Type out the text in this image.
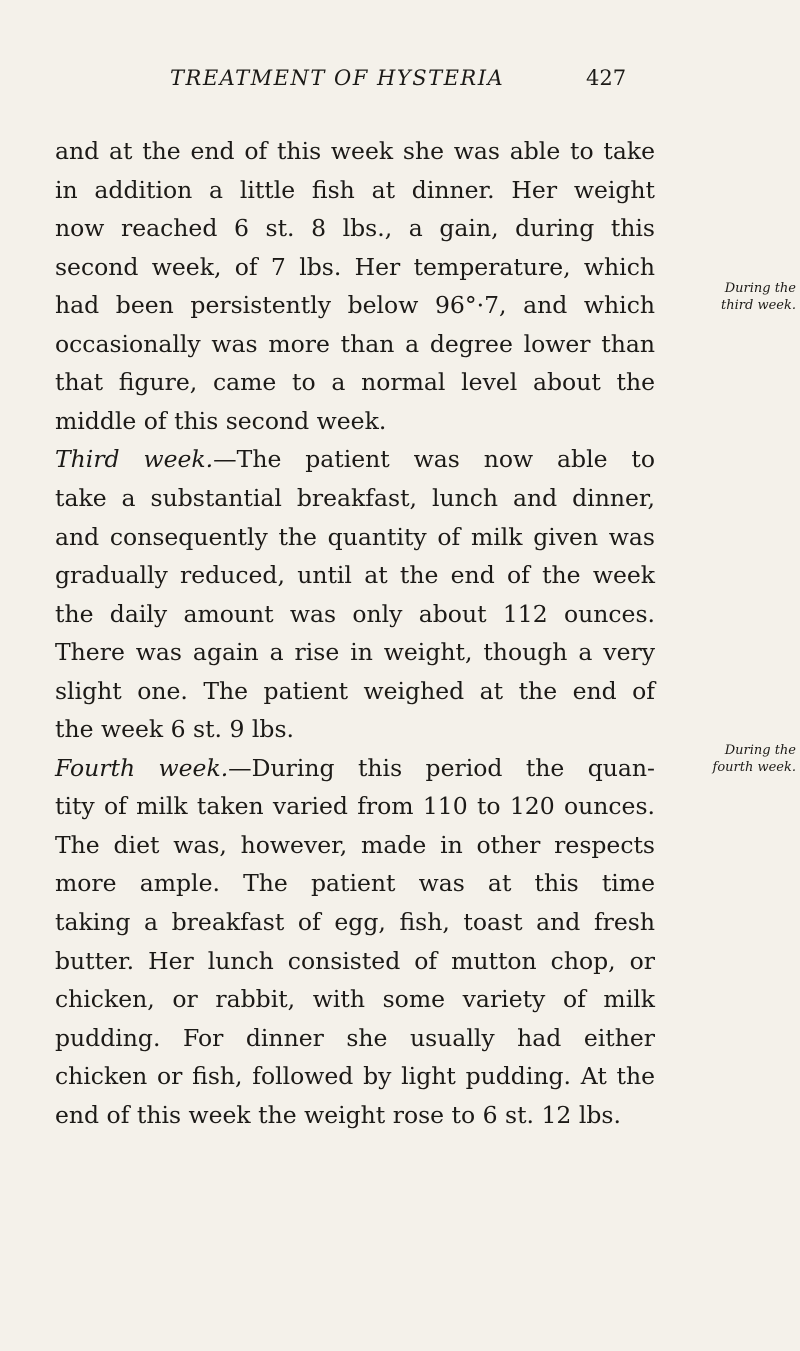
TREATMENT OF HYSTERIA	427
and at the end of this week she was able to take
in addition a little fish at dinner. Her weight
now reached 6 st. 8 lbs., a gain, during this
second week, of 7 lbs. Her temperature, which
had been persistently below 96°·7, and which
occasionally was more than a degree lower than
that figure, came to a normal level about the
middle of this second week.
Third week.—The patient was now able to
take a substantial breakfast, lunch and dinner,
and consequently the quantity of milk given was
gradually reduced, until at the end of the week
the daily amount was only about 112 ounces.
There was again a rise in weight, though a very
slight one. The patient weighed at the end of
the week 6 st. 9 lbs.
Fourth week.—During this period the quan-
tity of milk taken varied from 110 to 120 ounces.
The diet was, however, made in other respects
more ample. The patient was at this time
taking a breakfast of egg, fish, toast and fresh
butter. Her lunch consisted of mutton chop, or
chicken, or rabbit, with some variety of milk
pudding. For dinner she usually had either
chicken or fish, followed by light pudding. At the
end of this week the weight rose to 6 st. 12 lbs.
During the
third week.
During the
fourth week.
